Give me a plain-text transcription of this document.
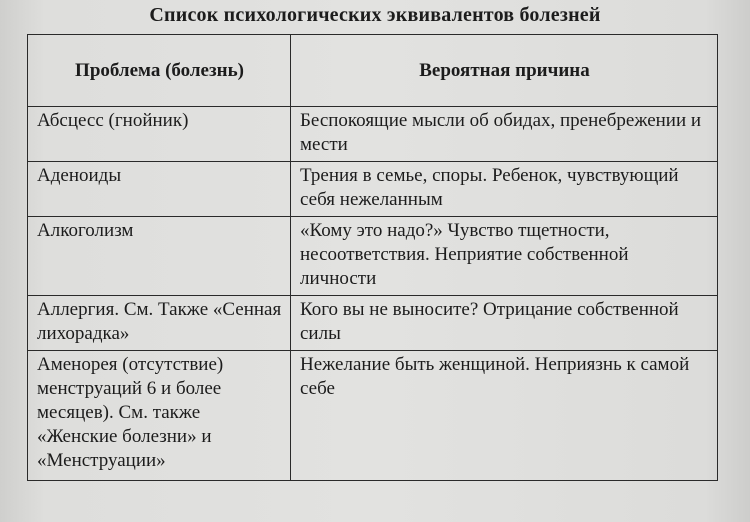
Список психологических эквивалентов болезней
Проблема (болезнь)	Вероятная причина
Абсцесс (гнойник)	Беспокоящие мысли об обидах, пренебрежении и мести
Аденоиды	Трения в семье, споры. Ребенок, чувствующий себя нежеланным
Алкоголизм	«Кому это надо?» Чувство тщетности, несоответствия. Неприятие собственной личности
Аллергия. См. Также «Сенная лихорадка»	Кого вы не выносите? Отрицание собственной силы
Аменорея (отсутствие) менструаций 6 и более месяцев). См. также «Женские болезни» и «Менструации»	Нежелание быть женщиной. Неприязнь к самой себе
